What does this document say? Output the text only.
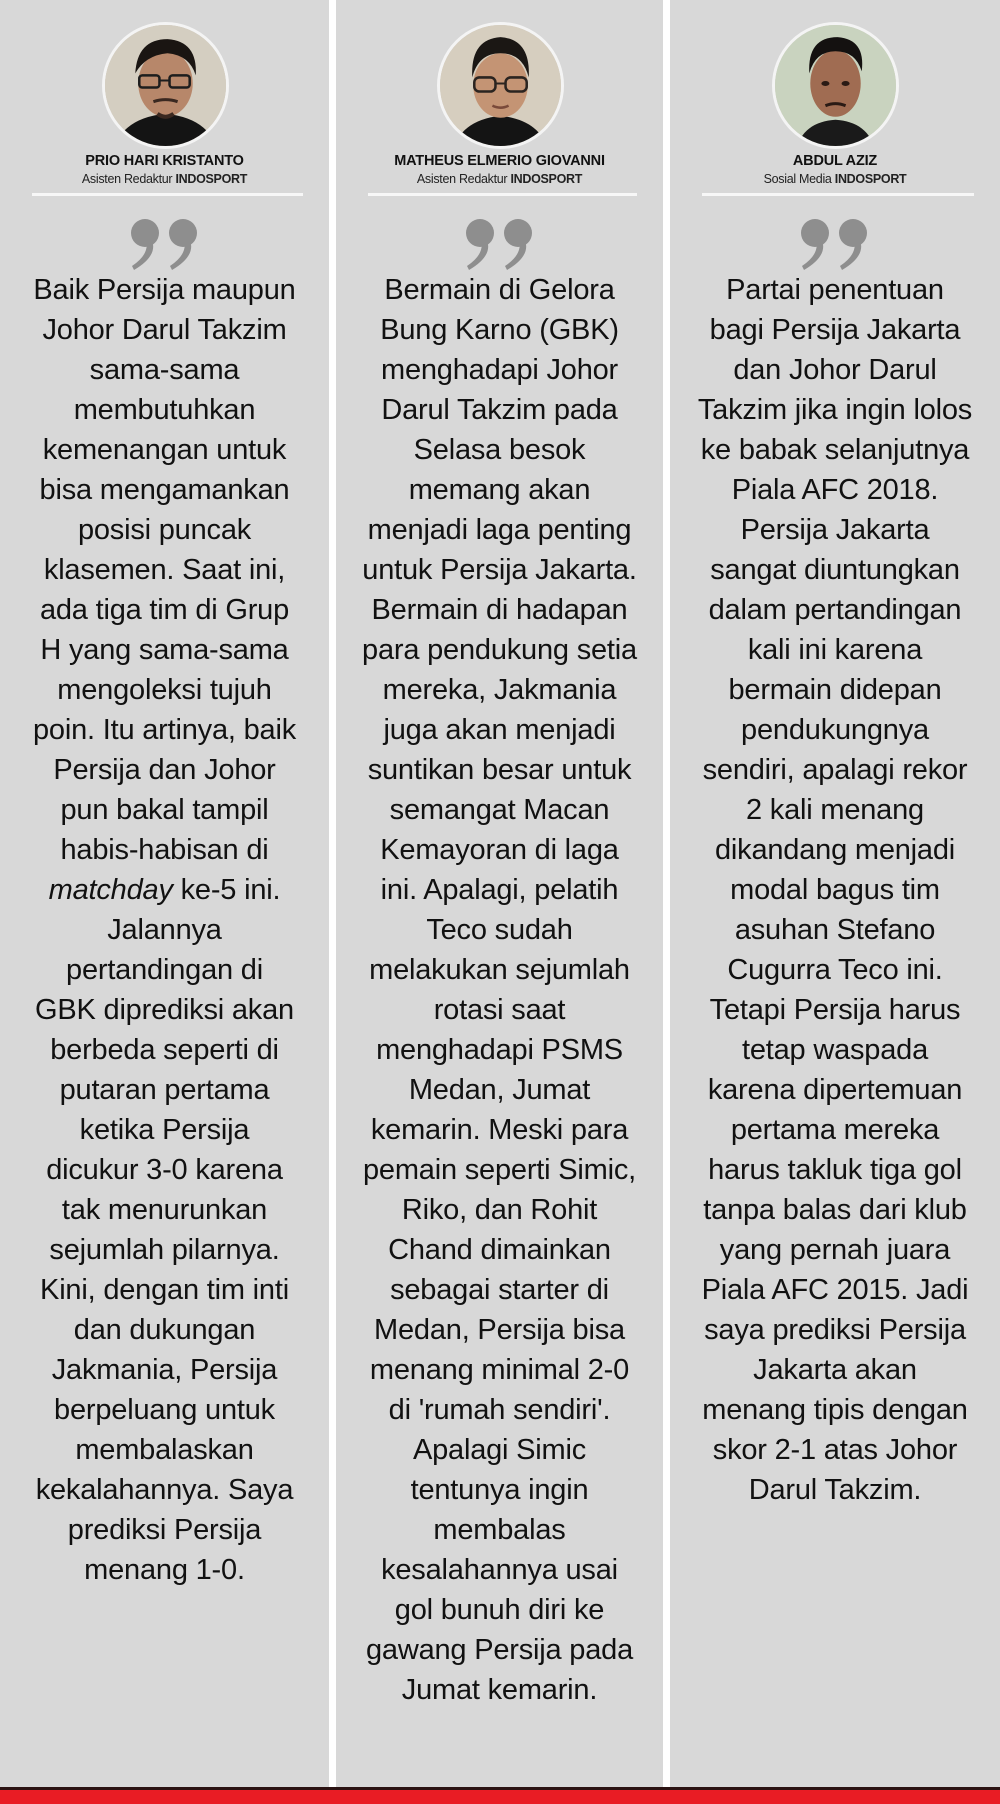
PRIO HARI KRISTANTO
Asisten Redaktur INDOSPORT
Baik Persija maupun
Johor Darul Takzim
sama-sama
membutuhkan
kemenangan untuk
bisa mengamankan
posisi puncak
klasemen. Saat ini,
ada tiga tim di Grup
H yang sama-sama
mengoleksi tujuh
poin. Itu artinya, baik
Persija dan Johor
pun bakal tampil
habis-habisan di
matchday ke-5 ini.
Jalannya
pertandingan di
GBK diprediksi akan
berbeda seperti di
putaran pertama
ketika Persija
dicukur 3-0 karena
tak menurunkan
sejumlah pilarnya.
Kini, dengan tim inti
dan dukungan
Jakmania, Persija
berpeluang untuk
membalaskan
kekalahannya. Saya
prediksi Persija
menang 1-0.
MATHEUS ELMERIO GIOVANNI
Asisten Redaktur INDOSPORT
Bermain di Gelora
Bung Karno (GBK)
menghadapi Johor
Darul Takzim pada
Selasa besok
memang akan
menjadi laga penting
untuk Persija Jakarta.
Bermain di hadapan
para pendukung setia
mereka, Jakmania
juga akan menjadi
suntikan besar untuk
semangat Macan
Kemayoran di laga
ini. Apalagi, pelatih
Teco sudah
melakukan sejumlah
rotasi saat
menghadapi PSMS
Medan, Jumat
kemarin. Meski para
pemain seperti Simic,
Riko, dan Rohit
Chand dimainkan
sebagai starter di
Medan, Persija bisa
menang minimal 2-0
di 'rumah sendiri'.
Apalagi Simic
tentunya ingin
membalas
kesalahannya usai
gol bunuh diri ke
gawang Persija pada
Jumat kemarin.
ABDUL AZIZ
Sosial Media INDOSPORT
Partai penentuan
bagi Persija Jakarta
dan Johor Darul
Takzim jika ingin lolos
ke babak selanjutnya
Piala AFC 2018.
Persija Jakarta
sangat diuntungkan
dalam pertandingan
kali ini karena
bermain didepan
pendukungnya
sendiri, apalagi rekor
2 kali menang
dikandang menjadi
modal bagus tim
asuhan Stefano
Cugurra Teco ini.
Tetapi Persija harus
tetap waspada
karena dipertemuan
pertama mereka
harus takluk tiga gol
tanpa balas dari klub
yang pernah juara
Piala AFC 2015. Jadi
saya prediksi Persija
Jakarta akan
menang tipis dengan
skor 2-1 atas Johor
Darul Takzim.
